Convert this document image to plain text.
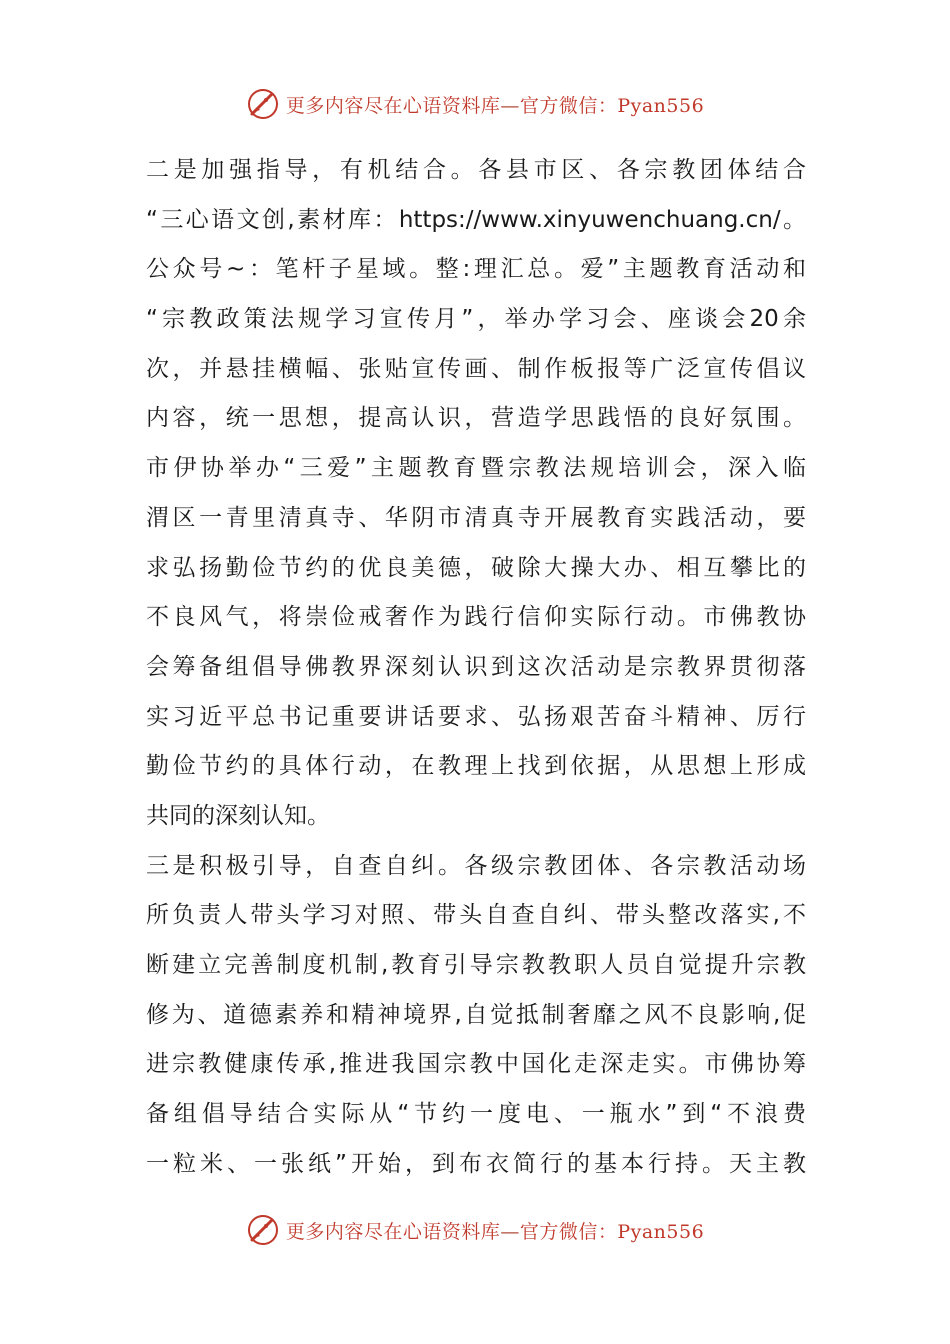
更多内容尽在心语资料库—官方微信：Pyan556
二是加强指导，有机结合。各县市区、各宗教团体结合
“三心语文创,素材库：https://www.xinyuwenchuang.cn/。
公众号~：笔杆子星域。整:理汇总。爱”主题教育活动和
“宗教政策法规学习宣传月”，举办学习会、座谈会20余
次，并悬挂横幅、张贴宣传画、制作板报等广泛宣传倡议
内容，统一思想，提高认识，营造学思践悟的良好氛围。
市伊协举办“三爱”主题教育暨宗教法规培训会，深入临
渭区一青里清真寺、华阴市清真寺开展教育实践活动，要
求弘扬勤俭节约的优良美德，破除大操大办、相互攀比的
不良风气，将崇俭戒奢作为践行信仰实际行动。市佛教协
会筹备组倡导佛教界深刻认识到这次活动是宗教界贯彻落
实习近平总书记重要讲话要求、弘扬艰苦奋斗精神、厉行
勤俭节约的具体行动，在教理上找到依据，从思想上形成
共同的深刻认知。
三是积极引导，自查自纠。各级宗教团体、各宗教活动场
所负责人带头学习对照、带头自查自纠、带头整改落实,不
断建立完善制度机制,教育引导宗教教职人员自觉提升宗教
修为、道德素养和精神境界,自觉抵制奢靡之风不良影响,促
进宗教健康传承,推进我国宗教中国化走深走实。市佛协筹
备组倡导结合实际从“节约一度电、一瓶水”到“不浪费
一粒米、一张纸”开始，到布衣简行的基本行持。天主教
更多内容尽在心语资料库—官方微信：Pyan556
